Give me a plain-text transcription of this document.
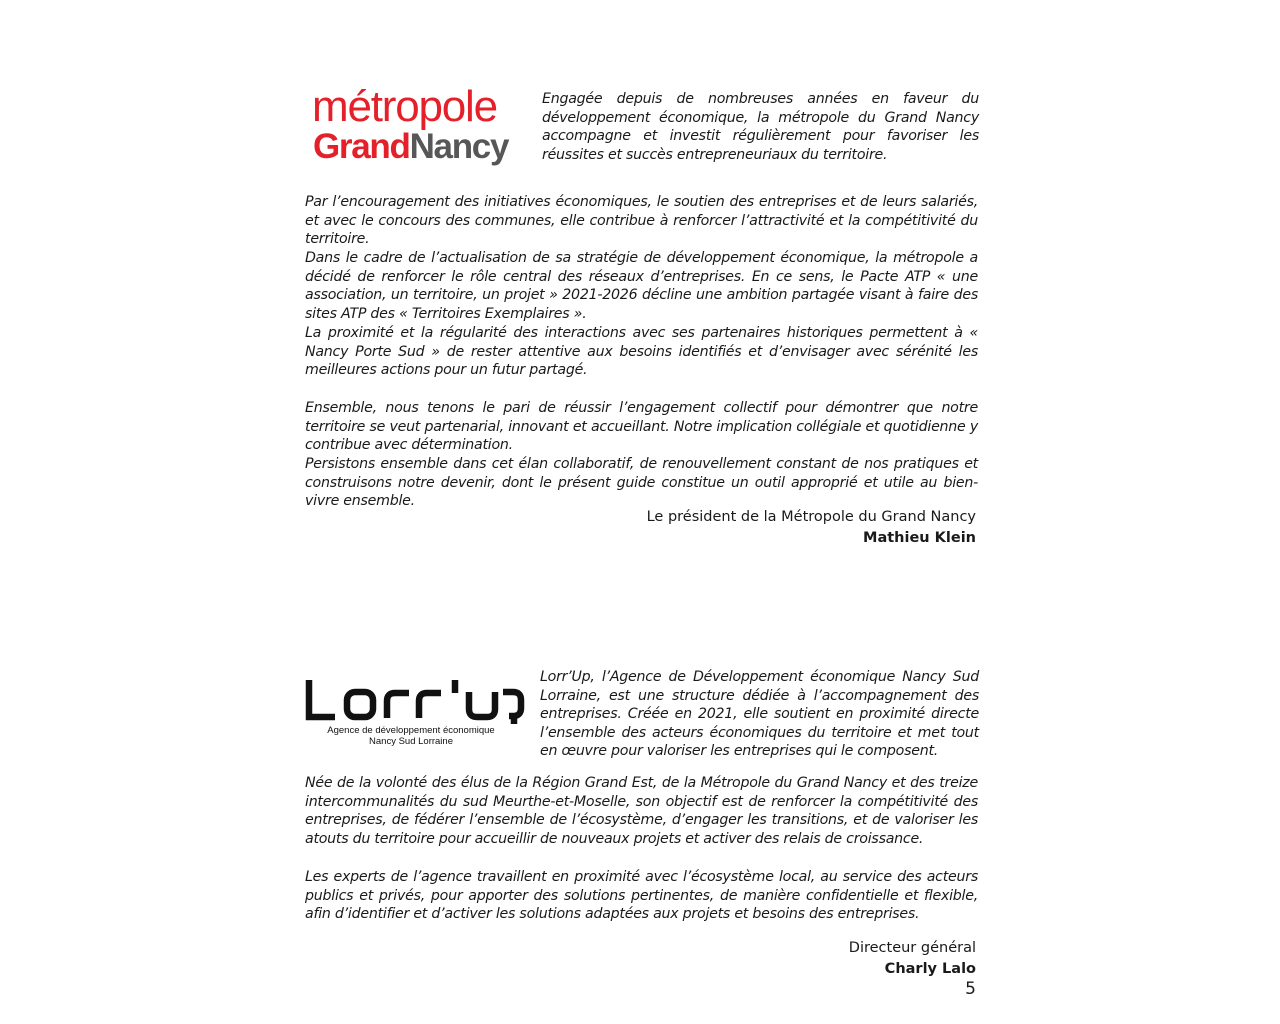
métropole
GrandNancy

Engagée depuis de nombreuses années en faveur du développement économique, la métropole du Grand Nancy accompagne et investit régulièrement pour favoriser les réussites et succès entrepreneuriaux du territoire.

Par l’encouragement des initiatives économiques, le soutien des entreprises et de leurs salariés, et avec le concours des communes, elle contribue à renforcer l’attractivité et la compétitivité du territoire.

Dans le cadre de l’actualisation de sa stratégie de développement économique, la métropole a décidé de renforcer le rôle central des réseaux d’entreprises. En ce sens, le Pacte ATP « une association, un territoire, un projet » 2021-2026 décline une ambition partagée visant à faire des sites ATP des « Territoires Exemplaires ».

La proximité et la régularité des interactions avec ses partenaires historiques permettent à « Nancy Porte Sud » de rester attentive aux besoins identifiés et d’envisager avec sérénité les meilleures actions pour un futur partagé.

Ensemble, nous tenons le pari de réussir l’engagement collectif pour démontrer que notre territoire se veut partenarial, innovant et accueillant. Notre implication collégiale et quotidienne y contribue avec détermination.

Persistons ensemble dans cet élan collaboratif, de renouvellement constant de nos pratiques et construisons notre devenir, dont le présent guide constitue un outil approprié et utile au bien-vivre ensemble.

Le président de la Métropole du Grand Nancy
Mathieu Klein
Agence de développement économique
Nancy Sud Lorraine

Lorr’Up, l’Agence de Développement économique Nancy Sud Lorraine, est une structure dédiée à l’accompagnement des entreprises. Créée en 2021, elle soutient en proximité directe l’ensemble des acteurs économiques du territoire et met tout en œuvre pour valoriser les entreprises qui le composent.

Née de la volonté des élus de la Région Grand Est, de la Métropole du Grand Nancy et des treize intercommunalités du sud Meurthe-et-Moselle, son objectif est de renforcer la compétitivité des entreprises, de fédérer l’ensemble de l’écosystème, d’engager les transitions, et de valoriser les atouts du territoire pour accueillir de nouveaux projets et activer des relais de croissance.

Les experts de l’agence travaillent en proximité avec l’écosystème local, au service des acteurs publics et privés, pour apporter des solutions pertinentes, de manière confidentielle et flexible, afin d’identifier et d’activer les solutions adaptées aux projets et besoins des entreprises.

Directeur général
Charly Lalo
5
